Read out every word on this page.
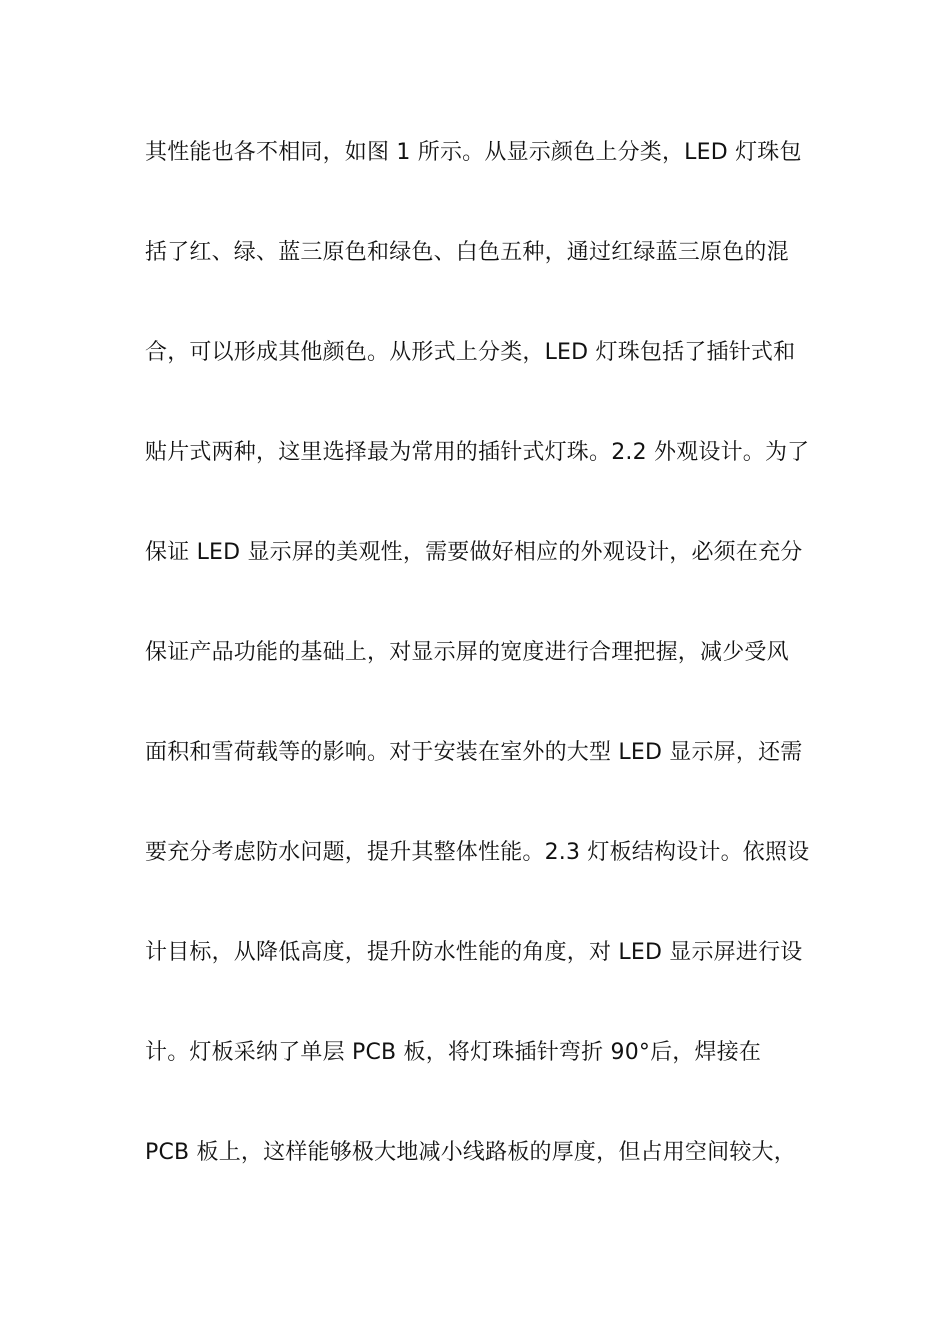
其性能也各不相同，如图 1 所示。从显示颜色上分类，LED 灯珠包
括了红、绿、蓝三原色和绿色、白色五种，通过红绿蓝三原色的混
合，可以形成其他颜色。从形式上分类，LED 灯珠包括了插针式和
贴片式两种，这里选择最为常用的插针式灯珠。2.2 外观设计。为了
保证 LED 显示屏的美观性，需要做好相应的外观设计，必须在充分
保证产品功能的基础上，对显示屏的宽度进行合理把握，减少受风
面积和雪荷载等的影响。对于安装在室外的大型 LED 显示屏，还需
要充分考虑防水问题，提升其整体性能。2.3 灯板结构设计。依照设
计目标，从降低高度，提升防水性能的角度，对 LED 显示屏进行设
计。灯板采纳了单层 PCB 板，将灯珠插针弯折 90°后，焊接在
PCB 板上，这样能够极大地减小线路板的厚度，但占用空间较大，
